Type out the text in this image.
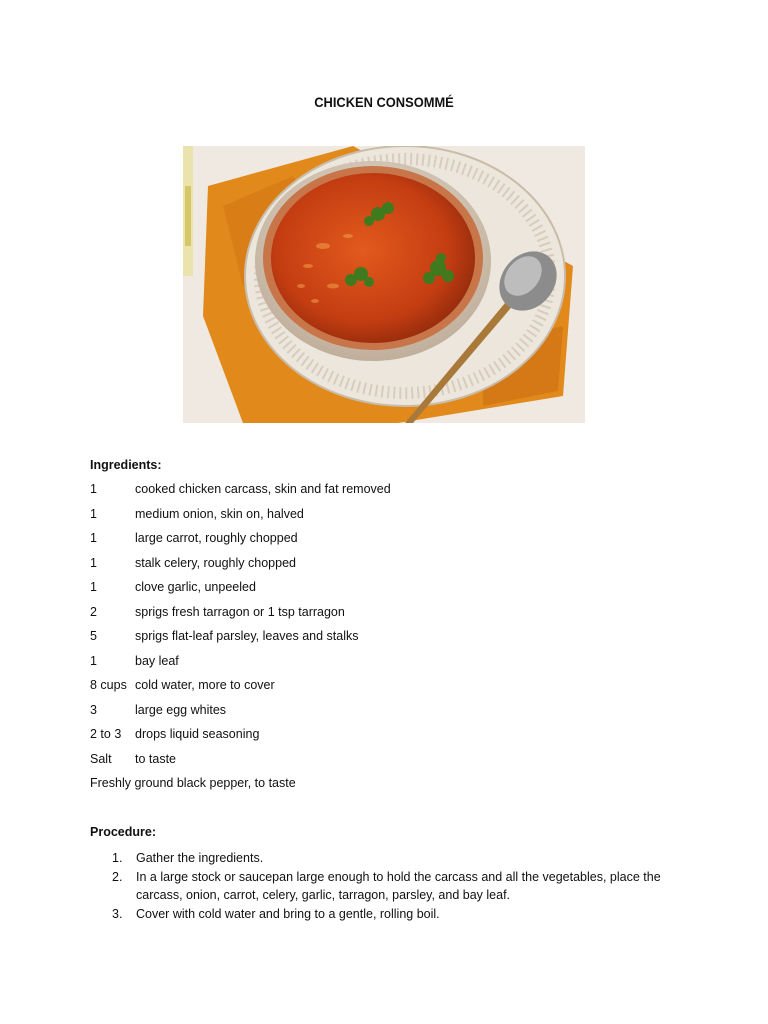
CHICKEN CONSOMMÉ
Ingredients:
1	cooked chicken carcass, skin and fat removed
1	medium onion, skin on, halved
1	large carrot, roughly chopped
1	stalk celery, roughly chopped
1	clove garlic, unpeeled
2	sprigs fresh tarragon or 1 tsp tarragon
5	sprigs flat-leaf parsley, leaves and stalks
1	bay leaf
8 cups cold water, more to cover
3	large egg whites
2 to 3 drops liquid seasoning
Salt to taste
Freshly ground black pepper, to taste
Procedure:
1. Gather the ingredients.
2. In a large stock or saucepan large enough to hold the carcass and all the vegetables, place the carcass, onion, carrot, celery, garlic, tarragon, parsley, and bay leaf.
3. Cover with cold water and bring to a gentle, rolling boil.
